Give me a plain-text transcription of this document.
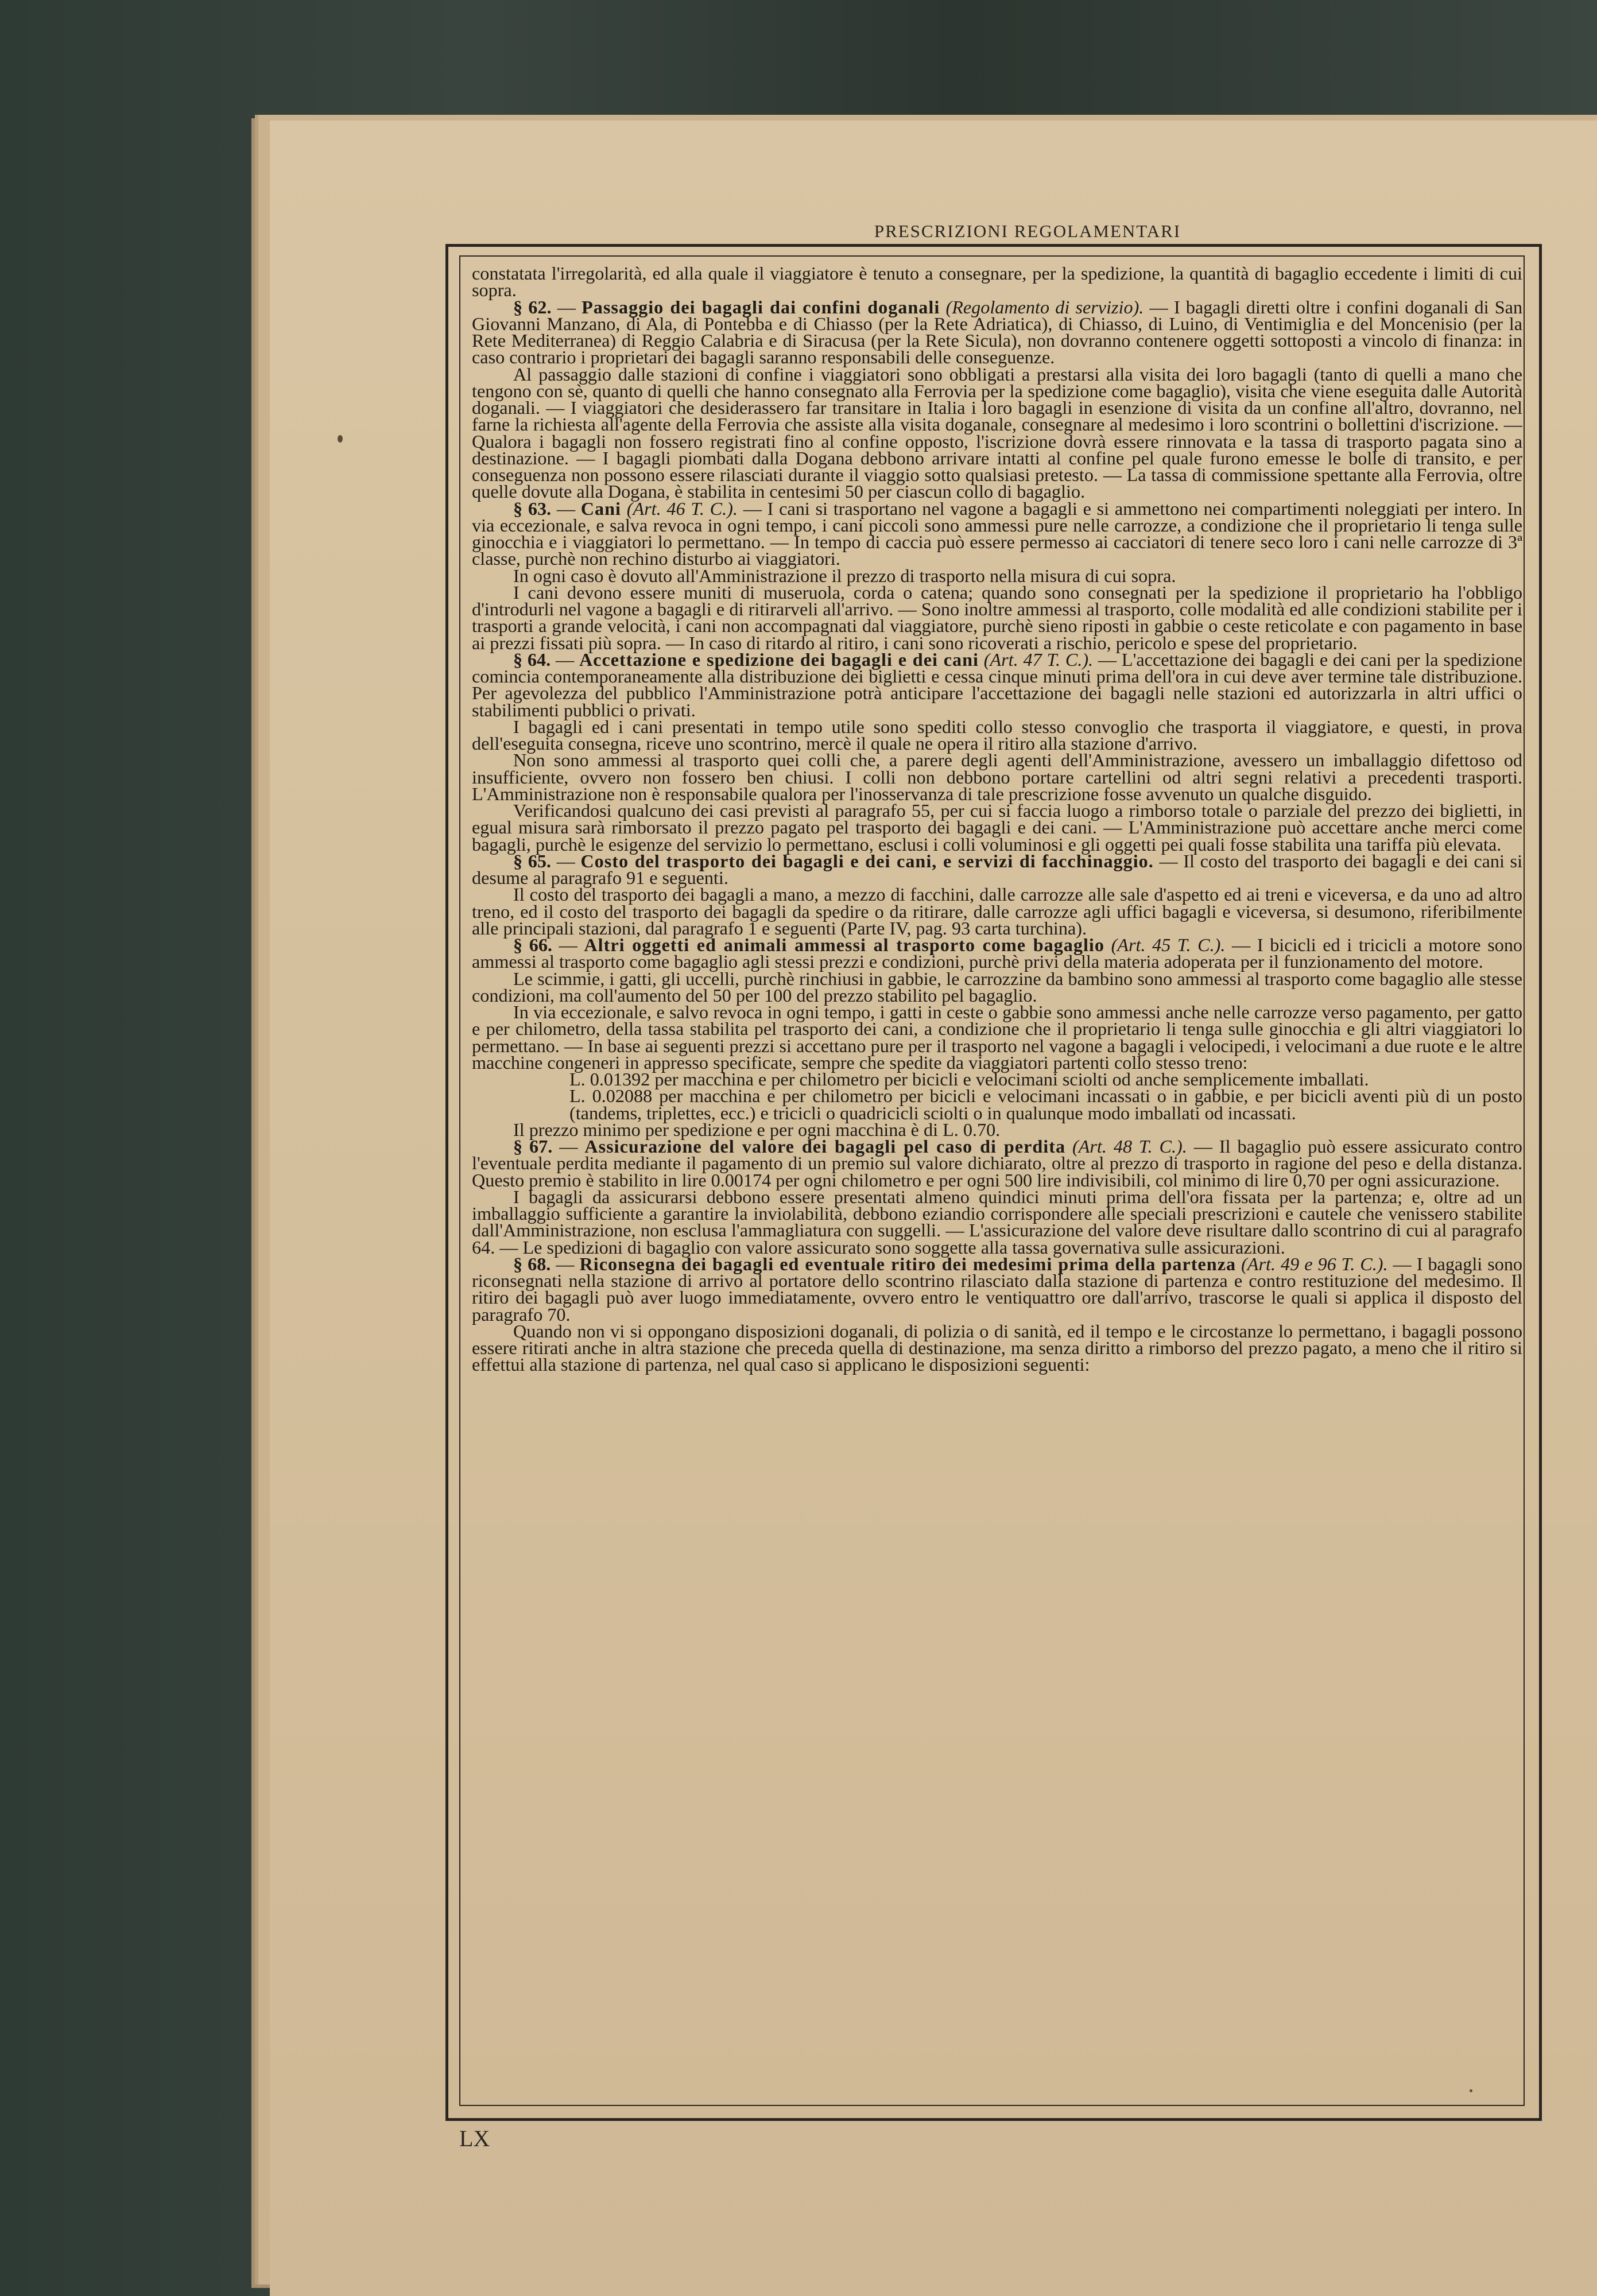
PRESCRIZIONI REGOLAMENTARI

constatata l'irregolarità, ed alla quale il viaggiatore è tenuto a consegnare, per la spedizione, la quantità di bagaglio eccedente i limiti di cui sopra.

§ 62. — Passaggio dei bagagli dai confini doganali (Regolamento di servizio). — I bagagli diretti oltre i confini doganali di San Giovanni Manzano, di Ala, di Pontebba e di Chiasso (per la Rete Adriatica), di Chiasso, di Luino, di Ventimiglia e del Moncenisio (per la Rete Mediterranea) di Reggio Calabria e di Siracusa (per la Rete Sicula), non dovranno contenere oggetti sottoposti a vincolo di finanza: in caso contrario i proprietari dei bagagli saranno responsabili delle conseguenze.

Al passaggio dalle stazioni di confine i viaggiatori sono obbligati a prestarsi alla visita dei loro bagagli (tanto di quelli a mano che tengono con sè, quanto di quelli che hanno consegnato alla Ferrovia per la spedizione come bagaglio), visita che viene eseguita dalle Autorità doganali. — I viaggiatori che desiderassero far transitare in Italia i loro bagagli in esenzione di visita da un confine all'altro, dovranno, nel farne la richiesta all'agente della Ferrovia che assiste alla visita doganale, consegnare al medesimo i loro scontrini o bollettini d'iscrizione. — Qualora i bagagli non fossero registrati fino al confine opposto, l'iscrizione dovrà essere rinnovata e la tassa di trasporto pagata sino a destinazione. — I bagagli piombati dalla Dogana debbono arrivare intatti al confine pel quale furono emesse le bolle di transito, e per conseguenza non possono essere rilasciati durante il viaggio sotto qualsiasi pretesto. — La tassa di commissione spettante alla Ferrovia, oltre quelle dovute alla Dogana, è stabilita in centesimi 50 per ciascun collo di bagaglio.

§ 63. — Cani (Art. 46 T. C.). — I cani si trasportano nel vagone a bagagli e si ammettono nei compartimenti noleggiati per intero. In via eccezionale, e salva revoca in ogni tempo, i cani piccoli sono ammessi pure nelle carrozze, a condizione che il proprietario li tenga sulle ginocchia e i viaggiatori lo permettano. — In tempo di caccia può essere permesso ai cacciatori di tenere seco loro i cani nelle carrozze di 3ª classe, purchè non rechino disturbo ai viaggiatori.

In ogni caso è dovuto all'Amministrazione il prezzo di trasporto nella misura di cui sopra.

I cani devono essere muniti di museruola, corda o catena; quando sono consegnati per la spedizione il proprietario ha l'obbligo d'introdurli nel vagone a bagagli e di ritirarveli all'arrivo. — Sono inoltre ammessi al trasporto, colle modalità ed alle condizioni stabilite per i trasporti a grande velocità, i cani non accompagnati dal viaggiatore, purchè sieno riposti in gabbie o ceste reticolate e con pagamento in base ai prezzi fissati più sopra. — In caso di ritardo al ritiro, i cani sono ricoverati a rischio, pericolo e spese del proprietario.

§ 64. — Accettazione e spedizione dei bagagli e dei cani (Art. 47 T. C.). — L'accettazione dei bagagli e dei cani per la spedizione comincia contemporaneamente alla distribuzione dei biglietti e cessa cinque minuti prima dell'ora in cui deve aver termine tale distribuzione. Per agevolezza del pubblico l'Amministrazione potrà anticipare l'accettazione dei bagagli nelle stazioni ed autorizzarla in altri uffici o stabilimenti pubblici o privati.

I bagagli ed i cani presentati in tempo utile sono spediti collo stesso convoglio che trasporta il viaggiatore, e questi, in prova dell'eseguita consegna, riceve uno scontrino, mercè il quale ne opera il ritiro alla stazione d'arrivo.

Non sono ammessi al trasporto quei colli che, a parere degli agenti dell'Amministrazione, avessero un imballaggio difettoso od insufficiente, ovvero non fossero ben chiusi. I colli non debbono portare cartellini od altri segni relativi a precedenti trasporti. L'Amministrazione non è responsabile qualora per l'inosservanza di tale prescrizione fosse avvenuto un qualche disguido.

Verificandosi qualcuno dei casi previsti al paragrafo 55, per cui si faccia luogo a rimborso totale o parziale del prezzo dei biglietti, in egual misura sarà rimborsato il prezzo pagato pel trasporto dei bagagli e dei cani. — L'Amministrazione può accettare anche merci come bagagli, purchè le esigenze del servizio lo permettano, esclusi i colli voluminosi e gli oggetti pei quali fosse stabilita una tariffa più elevata.

§ 65. — Costo del trasporto dei bagagli e dei cani, e servizi di facchinaggio. — Il costo del trasporto dei bagagli e dei cani si desume al paragrafo 91 e seguenti.

Il costo del trasporto dei bagagli a mano, a mezzo di facchini, dalle carrozze alle sale d'aspetto ed ai treni e viceversa, e da uno ad altro treno, ed il costo del trasporto dei bagagli da spedire o da ritirare, dalle carrozze agli uffici bagagli e viceversa, si desumono, riferibilmente alle principali stazioni, dal paragrafo 1 e seguenti (Parte IV, pag. 93 carta turchina).

§ 66. — Altri oggetti ed animali ammessi al trasporto come bagaglio (Art. 45 T. C.). — I bicicli ed i tricicli a motore sono ammessi al trasporto come bagaglio agli stessi prezzi e condizioni, purchè privi della materia adoperata per il funzionamento del motore.

Le scimmie, i gatti, gli uccelli, purchè rinchiusi in gabbie, le carrozzine da bambino sono ammessi al trasporto come bagaglio alle stesse condizioni, ma coll'aumento del 50 per 100 del prezzo stabilito pel bagaglio.

In via eccezionale, e salvo revoca in ogni tempo, i gatti in ceste o gabbie sono ammessi anche nelle carrozze verso pagamento, per gatto e per chilometro, della tassa stabilita pel trasporto dei cani, a condizione che il proprietario li tenga sulle ginocchia e gli altri viaggiatori lo permettano. — In base ai seguenti prezzi si accettano pure per il trasporto nel vagone a bagagli i velocipedi, i velocimani a due ruote e le altre macchine congeneri in appresso specificate, sempre che spedite da viaggiatori partenti collo stesso treno:

L. 0.01392 per macchina e per chilometro per bicicli e velocimani sciolti od anche semplicemente imballati.

L. 0.02088 per macchina e per chilometro per bicicli e velocimani incassati o in gabbie, e per bicicli aventi più di un posto (tandems, triplettes, ecc.) e tricicli o quadricicli sciolti o in qualunque modo imballati od incassati.

Il prezzo minimo per spedizione e per ogni macchina è di L. 0.70.

§ 67. — Assicurazione del valore dei bagagli pel caso di perdita (Art. 48 T. C.). — Il bagaglio può essere assicurato contro l'eventuale perdita mediante il pagamento di un premio sul valore dichiarato, oltre al prezzo di trasporto in ragione del peso e della distanza. Questo premio è stabilito in lire 0.00174 per ogni chilometro e per ogni 500 lire indivisibili, col minimo di lire 0,70 per ogni assicurazione.

I bagagli da assicurarsi debbono essere presentati almeno quindici minuti prima dell'ora fissata per la partenza; e, oltre ad un imballaggio sufficiente a garantire la inviolabilità, debbono eziandio corrispondere alle speciali prescrizioni e cautele che venissero stabilite dall'Amministrazione, non esclusa l'ammagliatura con suggelli. — L'assicurazione del valore deve risultare dallo scontrino di cui al paragrafo 64. — Le spedizioni di bagaglio con valore assicurato sono soggette alla tassa governativa sulle assicurazioni.

§ 68. — Riconsegna dei bagagli ed eventuale ritiro dei medesimi prima della partenza (Art. 49 e 96 T. C.). — I bagagli sono riconsegnati nella stazione di arrivo al portatore dello scontrino rilasciato dalla stazione di partenza e contro restituzione del medesimo. Il ritiro dei bagagli può aver luogo immediatamente, ovvero entro le ventiquattro ore dall'arrivo, trascorse le quali si applica il disposto del paragrafo 70.

Quando non vi si oppongano disposizioni doganali, di polizia o di sanità, ed il tempo e le circostanze lo permettano, i bagagli possono essere ritirati anche in altra stazione che preceda quella di destinazione, ma senza diritto a rimborso del prezzo pagato, a meno che il ritiro si effettui alla stazione di partenza, nel qual caso si applicano le disposizioni seguenti:

LX
